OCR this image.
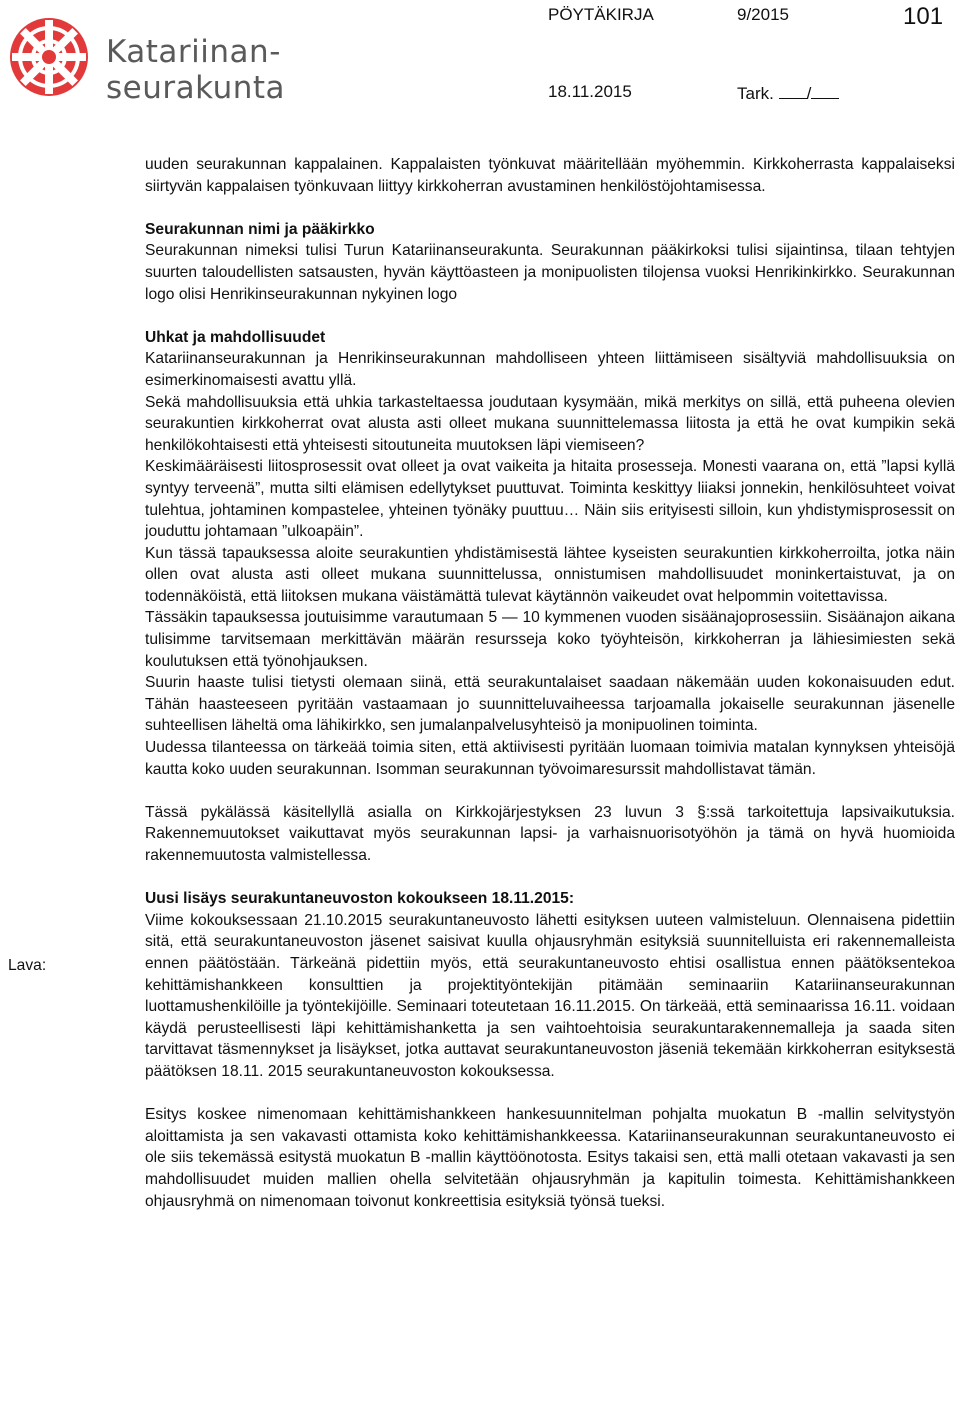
Katariinan-
seurakunta
PÖYTÄKIRJA	9/2015	101
18.11.2015	Tark. /

uuden seurakunnan kappalainen. Kappalaisten työnkuvat määritellään myöhemmin. Kirkkoherrasta kappalaiseksi siirtyvän kappalaisen työnkuvaan liittyy kirkkoherran avustaminen henkilöstöjohtamisessa.

Seurakunnan nimi ja pääkirkko

Seurakunnan nimeksi tulisi Turun Katariinanseurakunta. Seurakunnan pääkirkoksi tulisi sijaintinsa, tilaan tehtyjen suurten taloudellisten satsausten, hyvän käyttöasteen ja monipuolisten tilojensa vuoksi Henrikinkirkko. Seurakunnan logo olisi Henrikinseurakunnan nykyinen logo

Uhkat ja mahdollisuudet

Katariinanseurakunnan ja Henrikinseurakunnan mahdolliseen yhteen liittämiseen sisältyviä mahdollisuuksia on esimerkinomaisesti avattu yllä.

Sekä mahdollisuuksia että uhkia tarkasteltaessa joudutaan kysymään, mikä merkitys on sillä, että puheena olevien seurakuntien kirkkoherrat ovat alusta asti olleet mukana suunnittelemassa liitosta ja että he ovat kumpikin sekä henkilökohtaisesti että yhteisesti sitoutuneita muutoksen läpi viemiseen?

Keskimääräisesti liitosprosessit ovat olleet ja ovat vaikeita ja hitaita prosesseja. Monesti vaarana on, että ”lapsi kyllä syntyy terveenä”, mutta silti elämisen edellytykset puuttuvat. Toiminta keskittyy liiaksi jonnekin, henkilösuhteet voivat tulehtua, johtaminen kompastelee, yhteinen työnäky puuttuu… Näin siis erityisesti silloin, kun yhdistymisprosessit on jouduttu johtamaan ”ulkoapäin”.

Kun tässä tapauksessa aloite seurakuntien yhdistämisestä lähtee kyseisten seurakuntien kirkkoherroilta, jotka näin ollen ovat alusta asti olleet mukana suunnittelussa, onnistumisen mahdollisuudet moninkertaistuvat, ja on todennäköistä, että liitoksen mukana väistämättä tulevat käytännön vaikeudet ovat helpommin voitettavissa.

Tässäkin tapauksessa joutuisimme varautumaan 5 — 10 kymmenen vuoden sisäänajoprosessiin. Sisäänajon aikana tulisimme tarvitsemaan merkittävän määrän resursseja koko työyhteisön, kirkkoherran ja lähiesimiesten sekä koulutuksen että työnohjauksen.

Suurin haaste tulisi tietysti olemaan siinä, että seurakuntalaiset saadaan näkemään uuden kokonaisuuden edut. Tähän haasteeseen pyritään vastaamaan jo suunnitteluvaiheessa tarjoamalla jokaiselle seurakunnan jäsenelle suhteellisen läheltä oma lähikirkko, sen jumalanpalvelusyhteisö ja monipuolinen toiminta.

Uudessa tilanteessa on tärkeää toimia siten, että aktiivisesti pyritään luomaan toimivia matalan kynnyksen yhteisöjä kautta koko uuden seurakunnan. Isomman seurakunnan työvoimaresurssit mahdollistavat tämän.

Tässä pykälässä käsitellyllä asialla on Kirkkojärjestyksen 23 luvun 3 §:ssä tarkoitettuja lapsivaikutuksia. Rakennemuutokset vaikuttavat myös seurakunnan lapsi- ja varhaisnuorisotyöhön ja tämä on hyvä huomioida rakennemuutosta valmistellessa.

Uusi lisäys seurakuntaneuvoston kokoukseen 18.11.2015:

Viime kokouksessaan 21.10.2015 seurakuntaneuvosto lähetti esityksen uuteen valmisteluun. Olennaisena pidettiin sitä, että seurakuntaneuvoston jäsenet saisivat kuulla ohjausryhmän esityksiä suunnitelluista eri rakennemalleista ennen päätöstään. Tärkeänä pidettiin myös, että seurakuntaneuvosto ehtisi osallistua ennen päätöksentekoa kehittämishankkeen konsulttien ja projektityöntekijän pitämään seminaariin Katariinanseurakunnan luottamushenkilöille ja työntekijöille. Seminaari toteutetaan 16.11.2015. On tärkeää, että seminaarissa 16.11. voidaan käydä perusteellisesti läpi kehittämishanketta ja sen vaihtoehtoisia seurakuntarakennemalleja ja saada siten tarvittavat täsmennykset ja lisäykset, jotka auttavat seurakuntaneuvoston jäseniä tekemään kirkkoherran esityksestä päätöksen 18.11. 2015 seurakuntaneuvoston kokouksessa.

Esitys koskee nimenomaan kehittämishankkeen hankesuunnitelman pohjalta muokatun B -mallin selvitystyön aloittamista ja sen vakavasti ottamista koko kehittämishankkeessa. Katariinanseurakunnan seurakuntaneuvosto ei ole siis tekemässä esitystä muokatun B -mallin käyttöönotosta. Esitys takaisi sen, että malli otetaan vakavasti ja sen mahdollisuudet muiden mallien ohella selvitetään ohjausryhmän ja kapitulin toimesta. Kehittämishankkeen ohjausryhmä on nimenomaan toivonut konkreettisia esityksiä työnsä tueksi.

Lava:
